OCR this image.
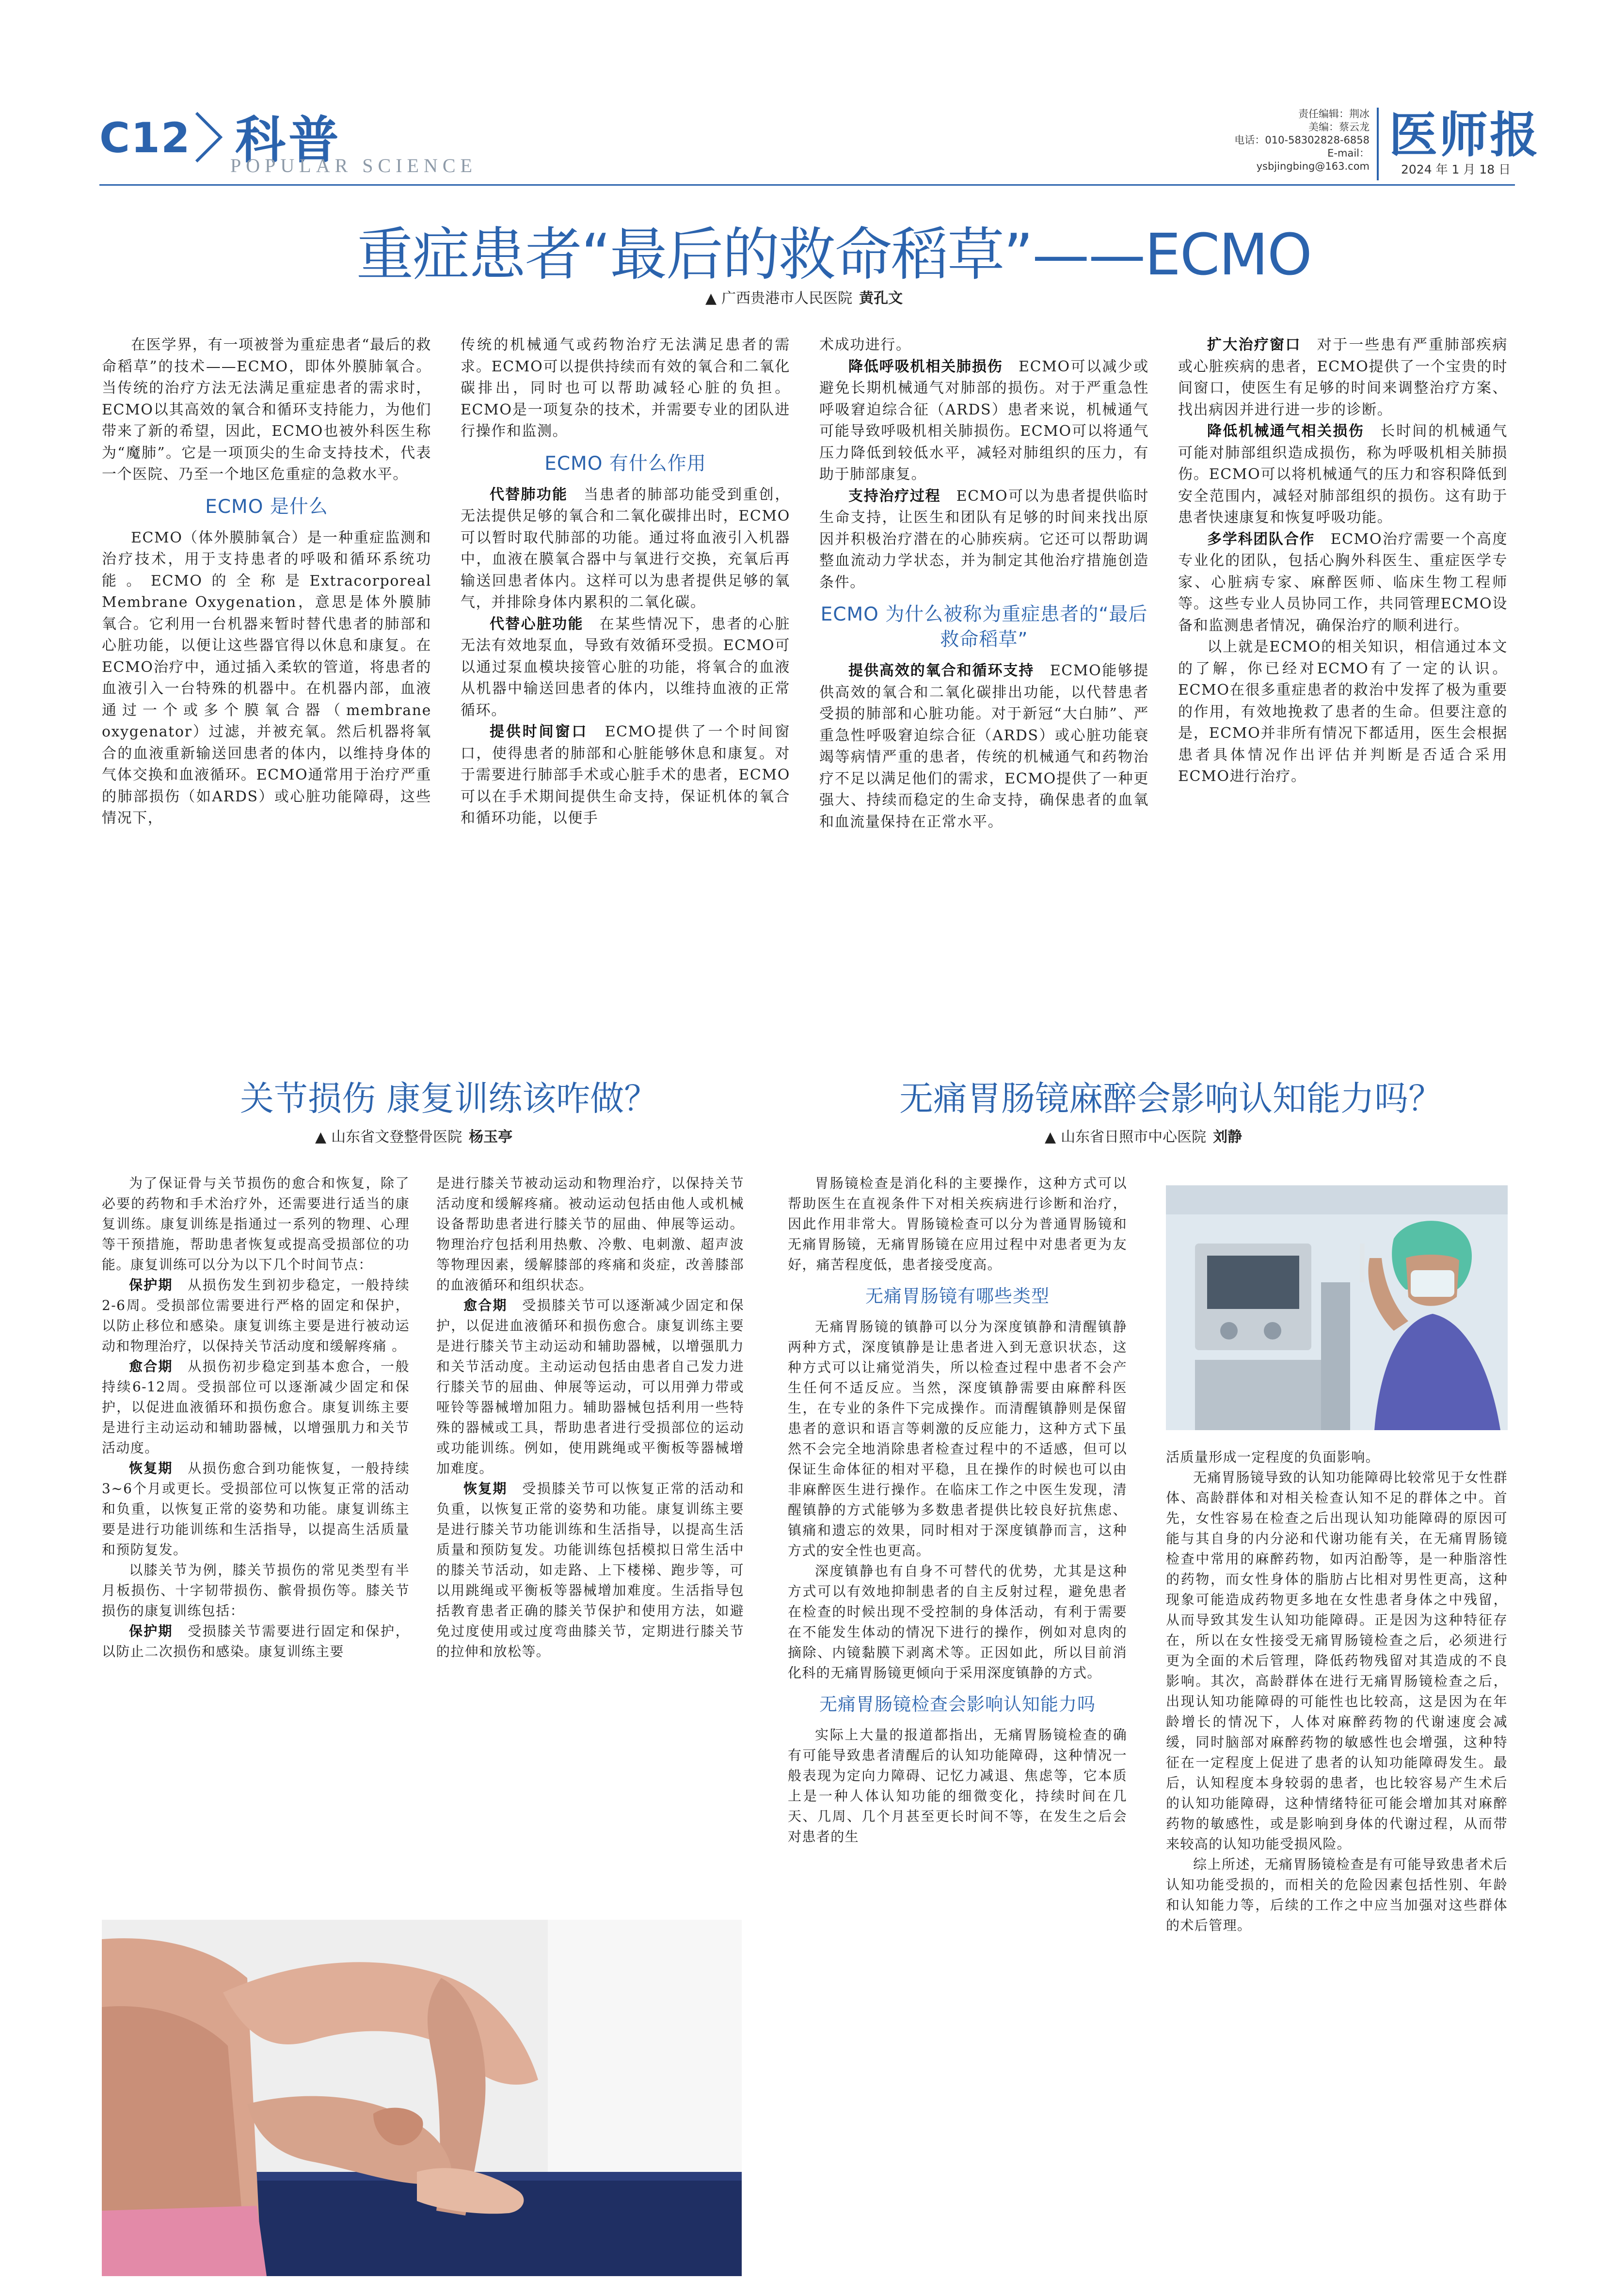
C12 科普
POPULAR SCIENCE
责任编辑：荆冰
美编：蔡云龙
电话：010-58302828-6858
E-mail：ysbjingbing@163.com
医师报
2024 年 1 月 18 日
重症患者“最后的救命稻草”——ECMO
▲ 广西贵港市人民医院 黄孔文

在医学界，有一项被誉为重症患者“最后的救命稻草”的技术——ECMO，即体外膜肺氧合。当传统的治疗方法无法满足重症患者的需求时，ECMO以其高效的氧合和循环支持能力，为他们带来了新的希望，因此，ECMO也被外科医生称为“魔肺”。它是一项顶尖的生命支持技术，代表一个医院、乃至一个地区危重症的急救水平。

ECMO 是什么

ECMO（体外膜肺氧合）是一种重症监测和治疗技术，用于支持患者的呼吸和循环系统功能。ECMO的全称是Extracorporeal Membrane Oxygenation，意思是体外膜肺氧合。它利用一台机器来暂时替代患者的肺部和心脏功能，以便让这些器官得以休息和康复。在ECMO治疗中，通过插入柔软的管道，将患者的血液引入一台特殊的机器中。在机器内部，血液通过一个或多个膜氧合器（membrane oxygenator）过滤，并被充氧。然后机器将氧合的血液重新输送回患者的体内，以维持身体的气体交换和血液循环。ECMO通常用于治疗严重的肺部损伤（如ARDS）或心脏功能障碍，这些情况下，

传统的机械通气或药物治疗无法满足患者的需求。ECMO可以提供持续而有效的氧合和二氧化碳排出，同时也可以帮助减轻心脏的负担。ECMO是一项复杂的技术，并需要专业的团队进行操作和监测。

ECMO 有什么作用

代替肺功能　 当患者的肺部功能受到重创，无法提供足够的氧合和二氧化碳排出时，ECMO可以暂时取代肺部的功能。通过将血液引入机器中，血液在膜氧合器中与氧进行交换，充氧后再输送回患者体内。这样可以为患者提供足够的氧气，并排除身体内累积的二氧化碳。

代替心脏功能　 在某些情况下，患者的心脏无法有效地泵血，导致有效循环受损。ECMO可以通过泵血模块接管心脏的功能，将氧合的血液从机器中输送回患者的体内，以维持血液的正常循环。

提供时间窗口　 ECMO提供了一个时间窗口，使得患者的肺部和心脏能够休息和康复。对于需要进行肺部手术或心脏手术的患者，ECMO可以在手术期间提供生命支持，保证机体的氧合和循环功能，以便手

术成功进行。

降低呼吸机相关肺损伤　 ECMO可以减少或避免长期机械通气对肺部的损伤。对于严重急性呼吸窘迫综合征（ARDS）患者来说，机械通气可能导致呼吸机相关肺损伤。ECMO可以将通气压力降低到较低水平，减轻对肺组织的压力，有助于肺部康复。

支持治疗过程　 ECMO可以为患者提供临时生命支持，让医生和团队有足够的时间来找出原因并积极治疗潜在的心肺疾病。它还可以帮助调整血流动力学状态，并为制定其他治疗措施创造条件。

ECMO 为什么被称为重症患者的“最后救命稻草”

提供高效的氧合和循环支持　 ECMO能够提供高效的氧合和二氧化碳排出功能，以代替患者受损的肺部和心脏功能。对于新冠“大白肺”、严重急性呼吸窘迫综合征（ARDS）或心脏功能衰竭等病情严重的患者，传统的机械通气和药物治疗不足以满足他们的需求，ECMO提供了一种更强大、持续而稳定的生命支持，确保患者的血氧和血流量保持在正常水平。

扩大治疗窗口　 对于一些患有严重肺部疾病或心脏疾病的患者，ECMO提供了一个宝贵的时间窗口，使医生有足够的时间来调整治疗方案、找出病因并进行进一步的诊断。

降低机械通气相关损伤　 长时间的机械通气可能对肺部组织造成损伤，称为呼吸机相关肺损伤。ECMO可以将机械通气的压力和容积降低到安全范围内，减轻对肺部组织的损伤。这有助于患者快速康复和恢复呼吸功能。

多学科团队合作　 ECMO治疗需要一个高度专业化的团队，包括心胸外科医生、重症医学专家、心脏病专家、麻醉医师、临床生物工程师等。这些专业人员协同工作，共同管理ECMO设备和监测患者情况，确保治疗的顺利进行。

以上就是ECMO的相关知识，相信通过本文的了解，你已经对ECMO有了一定的认识。ECMO在很多重症患者的救治中发挥了极为重要的作用，有效地挽救了患者的生命。但要注意的是，ECMO并非所有情况下都适用，医生会根据患者具体情况作出评估并判断是否适合采用ECMO进行治疗。

关节损伤 康复训练该咋做？
▲ 山东省文登整骨医院 杨玉亭

为了保证骨与关节损伤的愈合和恢复，除了必要的药物和手术治疗外，还需要进行适当的康复训练。康复训练是指通过一系列的物理、心理等干预措施，帮助患者恢复或提高受损部位的功能。康复训练可以分为以下几个时间节点：

保护期　 从损伤发生到初步稳定，一般持续2-6周。受损部位需要进行严格的固定和保护，以防止移位和感染。康复训练主要是进行被动运动和物理治疗，以保持关节活动度和缓解疼痛 。

愈合期　 从损伤初步稳定到基本愈合，一般持续6-12周。受损部位可以逐渐减少固定和保护，以促进血液循环和损伤愈合。康复训练主要是进行主动运动和辅助器械，以增强肌力和关节活动度。

恢复期　 从损伤愈合到功能恢复，一般持续3~6个月或更长。受损部位可以恢复正常的活动和负重，以恢复正常的姿势和功能。康复训练主要是进行功能训练和生活指导，以提高生活质量和预防复发。

以膝关节为例，膝关节损伤的常见类型有半月板损伤、十字韧带损伤、髌骨损伤等。膝关节损伤的康复训练包括：

保护期　 受损膝关节需要进行固定和保护，以防止二次损伤和感染。康复训练主要

是进行膝关节被动运动和物理治疗，以保持关节活动度和缓解疼痛。被动运动包括由他人或机械设备帮助患者进行膝关节的屈曲、伸展等运动。物理治疗包括利用热敷、冷敷、电刺激、超声波等物理因素，缓解膝部的疼痛和炎症，改善膝部的血液循环和组织状态。

愈合期　 受损膝关节可以逐渐减少固定和保护，以促进血液循环和损伤愈合。康复训练主要是进行膝关节主动运动和辅助器械，以增强肌力和关节活动度。主动运动包括由患者自己发力进行膝关节的屈曲、伸展等运动，可以用弹力带或哑铃等器械增加阻力。辅助器械包括利用一些特殊的器械或工具，帮助患者进行受损部位的运动或功能训练。例如，使用跳绳或平衡板等器械增加难度。

恢复期　 受损膝关节可以恢复正常的活动和负重，以恢复正常的姿势和功能。康复训练主要是进行膝关节功能训练和生活指导，以提高生活质量和预防复发。功能训练包括模拟日常生活中的膝关节活动，如走路、上下楼梯、跑步等，可以用跳绳或平衡板等器械增加难度。生活指导包括教育患者正确的膝关节保护和使用方法，如避免过度使用或过度弯曲膝关节，定期进行膝关节的拉伸和放松等。

无痛胃肠镜麻醉会影响认知能力吗？
▲ 山东省日照市中心医院 刘静

胃肠镜检查是消化科的主要操作，这种方式可以帮助医生在直视条件下对相关疾病进行诊断和治疗，因此作用非常大。胃肠镜检查可以分为普通胃肠镜和无痛胃肠镜，无痛胃肠镜在应用过程中对患者更为友好，痛苦程度低，患者接受度高。

无痛胃肠镜有哪些类型

无痛胃肠镜的镇静可以分为深度镇静和清醒镇静两种方式，深度镇静是让患者进入到无意识状态，这种方式可以让痛觉消失，所以检查过程中患者不会产生任何不适反应。当然，深度镇静需要由麻醉科医生，在专业的条件下完成操作。而清醒镇静则是保留患者的意识和语言等刺激的反应能力，这种方式下虽然不会完全地消除患者检查过程中的不适感，但可以保证生命体征的相对平稳，且在操作的时候也可以由非麻醉医生进行操作。在临床工作之中医生发现，清醒镇静的方式能够为多数患者提供比较良好抗焦虑、镇痛和遗忘的效果，同时相对于深度镇静而言，这种方式的安全性也更高。

深度镇静也有自身不可替代的优势，尤其是这种方式可以有效地抑制患者的自主反射过程，避免患者在检查的时候出现不受控制的身体活动，有利于需要在不能发生体动的情况下进行的操作，例如对息肉的摘除、内镜黏膜下剥离术等。正因如此，所以目前消化科的无痛胃肠镜更倾向于采用深度镇静的方式。

无痛胃肠镜检查会影响认知能力吗

实际上大量的报道都指出，无痛胃肠镜检查的确有可能导致患者清醒后的认知功能障碍，这种情况一般表现为定向力障碍、记忆力减退、焦虑等，它本质上是一种人体认知功能的细微变化，持续时间在几天、几周、几个月甚至更长时间不等，在发生之后会对患者的生

活质量形成一定程度的负面影响。

无痛胃肠镜导致的认知功能障碍比较常见于女性群体、高龄群体和对相关检查认知不足的群体之中。首先，女性容易在检查之后出现认知功能障碍的原因可能与其自身的内分泌和代谢功能有关，在无痛胃肠镜检查中常用的麻醉药物，如丙泊酚等，是一种脂溶性的药物，而女性身体的脂肪占比相对男性更高，这种现象可能造成药物更多地在女性患者身体之中残留，从而导致其发生认知功能障碍。正是因为这种特征存在，所以在女性接受无痛胃肠镜检查之后，必须进行更为全面的术后管理，降低药物残留对其造成的不良影响。其次，高龄群体在进行无痛胃肠镜检查之后，出现认知功能障碍的可能性也比较高，这是因为在年龄增长的情况下，人体对麻醉药物的代谢速度会减缓，同时脑部对麻醉药物的敏感性也会增强，这种特征在一定程度上促进了患者的认知功能障碍发生。最后，认知程度本身较弱的患者，也比较容易产生术后的认知功能障碍，这种情绪特征可能会增加其对麻醉药物的敏感性，或是影响到身体的代谢过程，从而带来较高的认知功能受损风险。

综上所述，无痛胃肠镜检查是有可能导致患者术后认知功能受损的，而相关的危险因素包括性别、年龄和认知能力等，后续的工作之中应当加强对这些群体的术后管理。
